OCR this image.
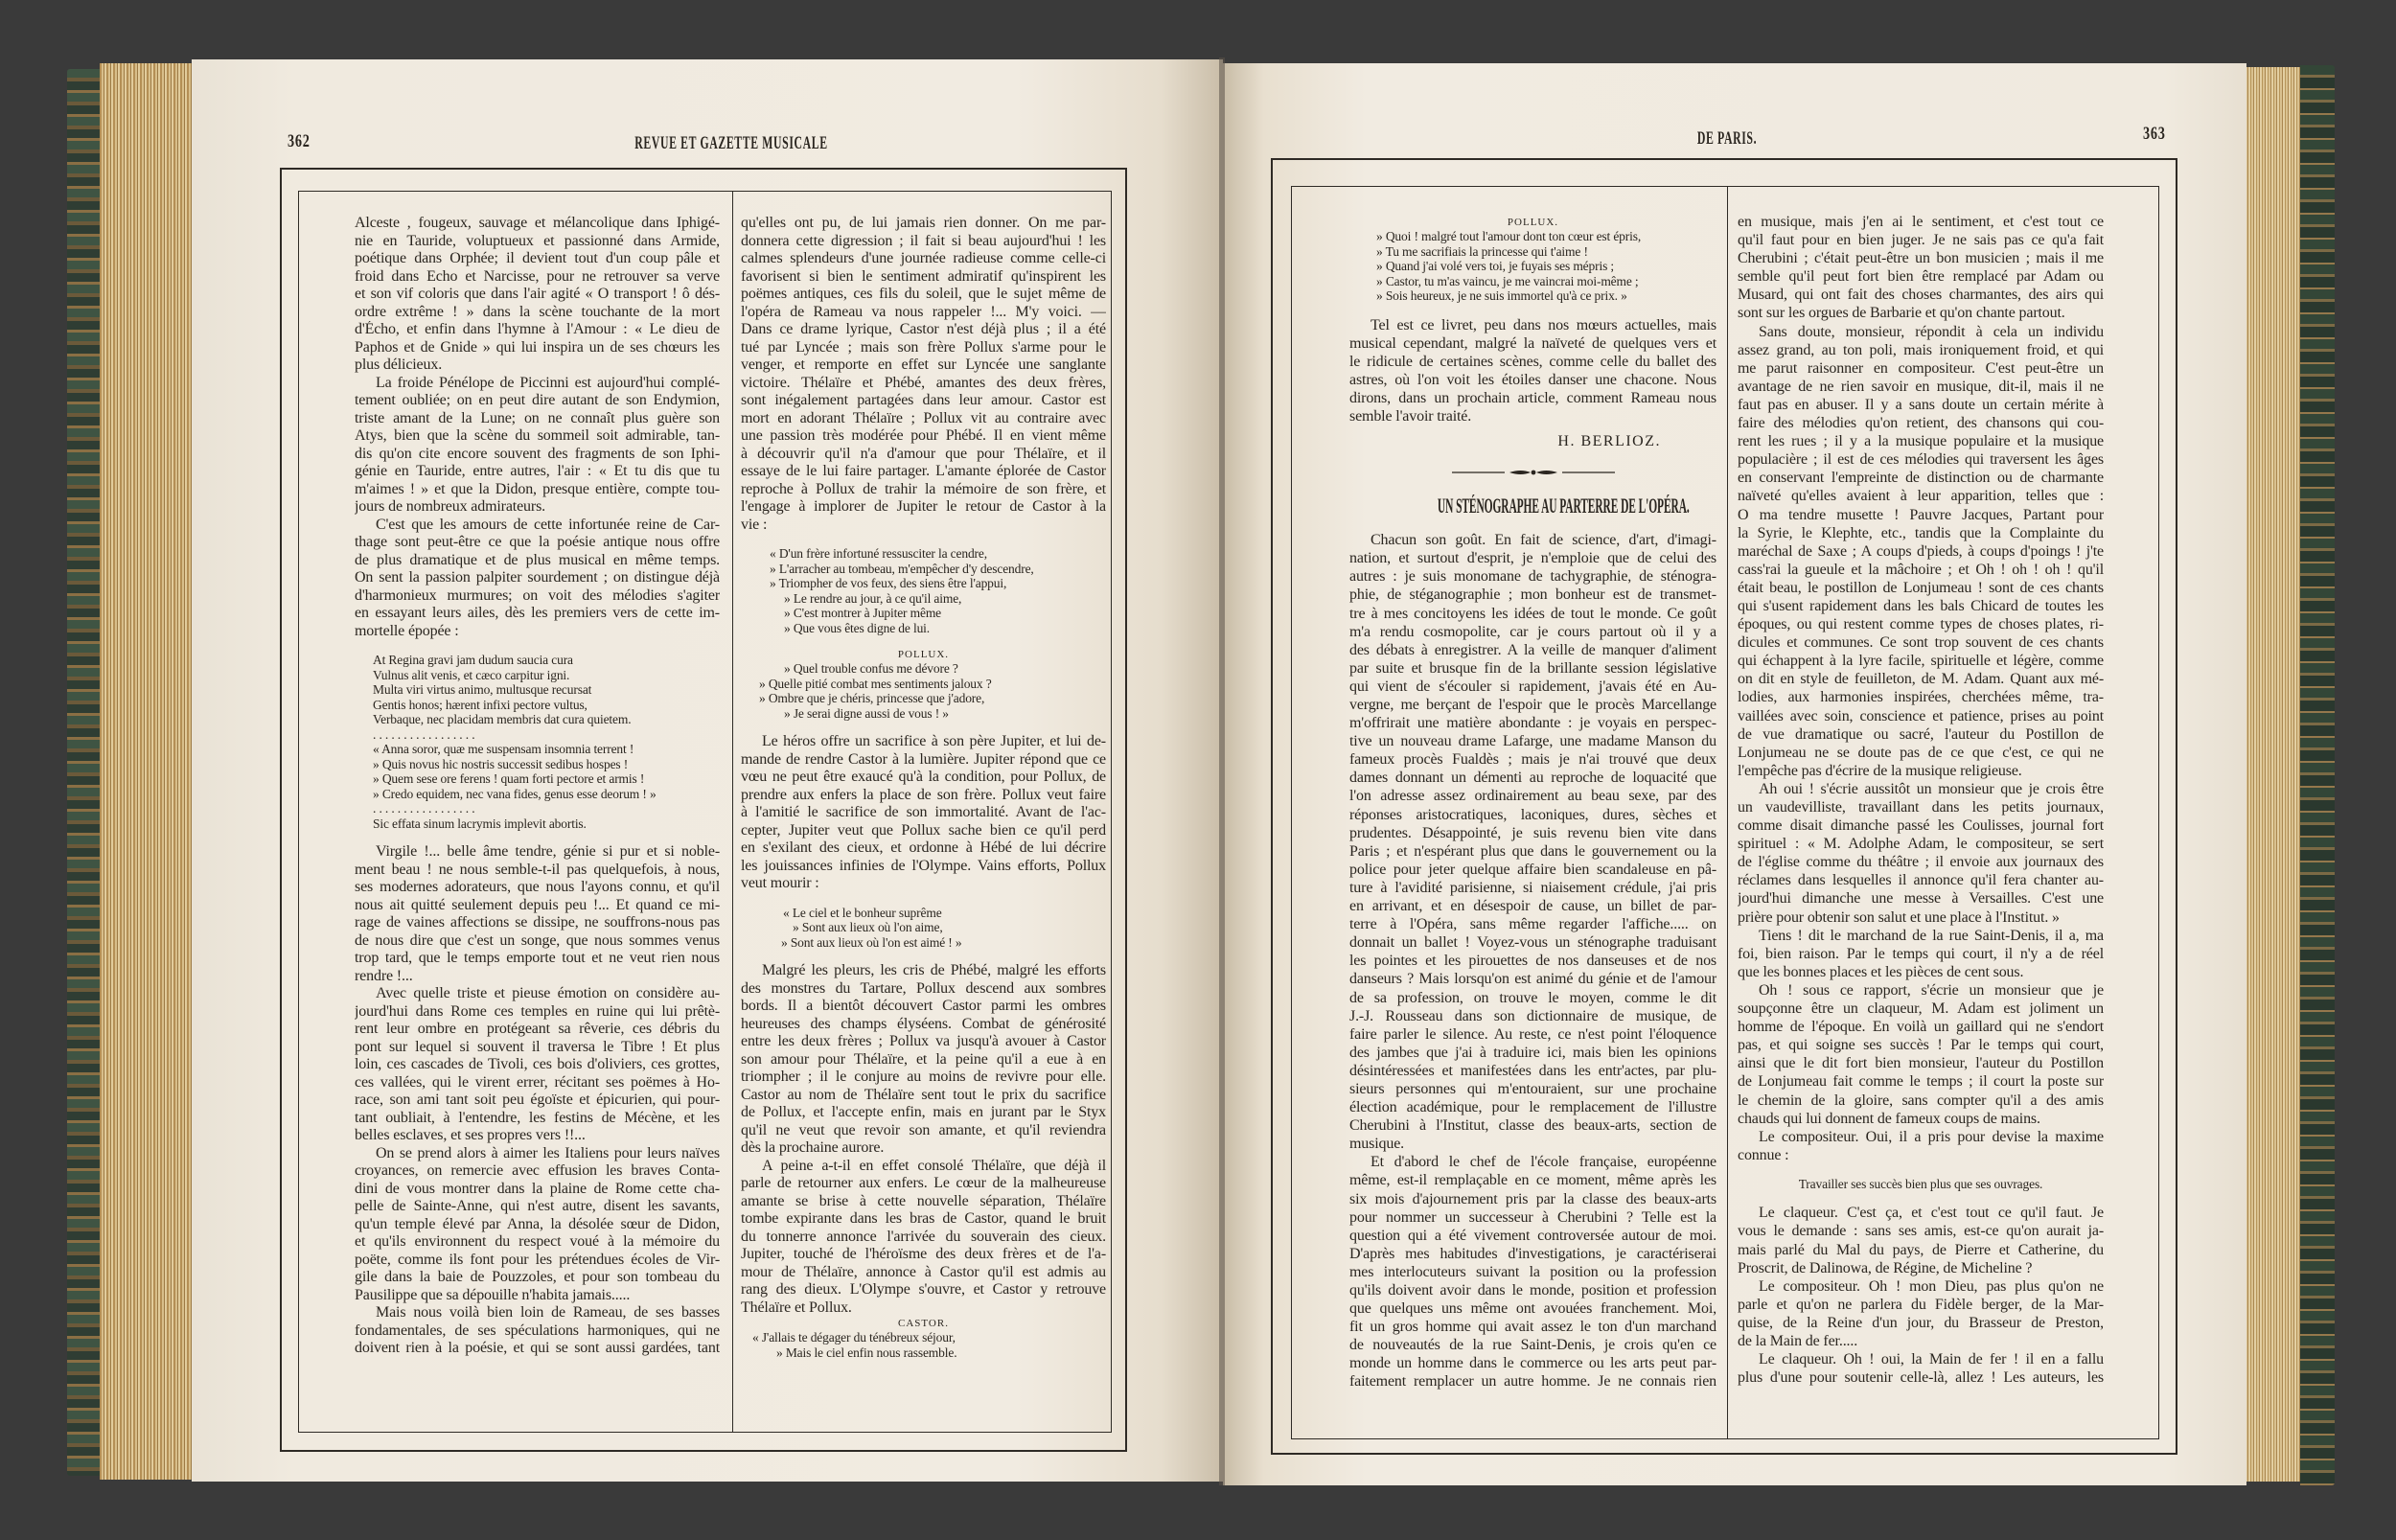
362	REVUE ET GAZETTE MUSICALE	DE PARIS.	363
Alceste , fougeux, sauvage et mélancolique dans Iphigé-
nie en Tauride, voluptueux et passionné dans Armide,
poétique dans Orphée; il devient tout d'un coup pâle et
froid dans Echo et Narcisse, pour ne retrouver sa verve
et son vif coloris que dans l'air agité « O transport ! ô dés-
ordre extrême ! » dans la scène touchante de la mort
d'Écho, et enfin dans l'hymne à l'Amour : « Le dieu de
Paphos et de Gnide » qui lui inspira un de ses chœurs les
plus délicieux.
La froide Pénélope de Piccinni est aujourd'hui complé-
tement oubliée; on en peut dire autant de son Endymion,
triste amant de la Lune; on ne connaît plus guère son
Atys, bien que la scène du sommeil soit admirable, tan-
dis qu'on cite encore souvent des fragments de son Iphi-
génie en Tauride, entre autres, l'air : « Et tu dis que tu
m'aimes ! » et que la Didon, presque entière, compte tou-
jours de nombreux admirateurs.
C'est que les amours de cette infortunée reine de Car-
thage sont peut-être ce que la poésie antique nous offre
de plus dramatique et de plus musical en même temps.
On sent la passion palpiter sourdement ; on distingue déjà
d'harmonieux murmures; on voit des mélodies s'agiter
en essayant leurs ailes, dès les premiers vers de cette im-
mortelle épopée :
At Regina gravi jam dudum saucia cura
Vulnus alit venis, et cæco carpitur igni.
Multa viri virtus animo, multusque recursat
Gentis honos; hærent infixi pectore vultus,
Verbaque, nec placidam membris dat cura quietem.
. . . . . . . . . . . . . . . . .
« Anna soror, quæ me suspensam insomnia terrent !
» Quis novus hic nostris successit sedibus hospes !
» Quem sese ore ferens ! quam forti pectore et armis !
» Credo equidem, nec vana fides, genus esse deorum ! »
. . . . . . . . . . . . . . . . .
Sic effata sinum lacrymis implevit abortis.
Virgile !... belle âme tendre, génie si pur et si noble-
ment beau ! ne nous semble-t-il pas quelquefois, à nous,
ses modernes adorateurs, que nous l'ayons connu, et qu'il
nous ait quitté seulement depuis peu !... Et quand ce mi-
rage de vaines affections se dissipe, ne souffrons-nous pas
de nous dire que c'est un songe, que nous sommes venus
trop tard, que le temps emporte tout et ne veut rien nous
rendre !...
Avec quelle triste et pieuse émotion on considère au-
jourd'hui dans Rome ces temples en ruine qui lui prêtè-
rent leur ombre en protégeant sa rêverie, ces débris du
pont sur lequel si souvent il traversa le Tibre ! Et plus
loin, ces cascades de Tivoli, ces bois d'oliviers, ces grottes,
ces vallées, qui le virent errer, récitant ses poëmes à Ho-
race, son ami tant soit peu égoïste et épicurien, qui pour-
tant oubliait, à l'entendre, les festins de Mécène, et les
belles esclaves, et ses propres vers !!...
On se prend alors à aimer les Italiens pour leurs naïves
croyances, on remercie avec effusion les braves Conta-
dini de vous montrer dans la plaine de Rome cette cha-
pelle de Sainte-Anne, qui n'est autre, disent les savants,
qu'un temple élevé par Anna, la désolée sœur de Didon,
et qu'ils environnent du respect voué à la mémoire du
poëte, comme ils font pour les prétendues écoles de Vir-
gile dans la baie de Pouzzoles, et pour son tombeau du
Pausilippe que sa dépouille n'habita jamais.....
Mais nous voilà bien loin de Rameau, de ses basses
fondamentales, de ses spéculations harmoniques, qui ne
doivent rien à la poésie, et qui se sont aussi gardées, tant
qu'elles ont pu, de lui jamais rien donner. On me par-
donnera cette digression ; il fait si beau aujourd'hui ! les
calmes splendeurs d'une journée radieuse comme celle-ci
favorisent si bien le sentiment admiratif qu'inspirent les
poëmes antiques, ces fils du soleil, que le sujet même de
l'opéra de Rameau va nous rappeler !... M'y voici. —
Dans ce drame lyrique, Castor n'est déjà plus ; il a été
tué par Lyncée ; mais son frère Pollux s'arme pour le
venger, et remporte en effet sur Lyncée une sanglante
victoire. Thélaïre et Phébé, amantes des deux frères,
sont inégalement partagées dans leur amour. Castor est
mort en adorant Thélaïre ; Pollux vit au contraire avec
une passion très modérée pour Phébé. Il en vient même
à découvrir qu'il n'a d'amour que pour Thélaïre, et il
essaye de le lui faire partager. L'amante éplorée de Castor
reproche à Pollux de trahir la mémoire de son frère, et
l'engage à implorer de Jupiter le retour de Castor à la
vie :
« D'un frère infortuné ressusciter la cendre,
» L'arracher au tombeau, m'empêcher d'y descendre,
» Triompher de vos feux, des siens être l'appui,
» Le rendre au jour, à ce qu'il aime,
» C'est montrer à Jupiter même
» Que vous êtes digne de lui.
POLLUX.
» Quel trouble confus me dévore ?
» Quelle pitié combat mes sentiments jaloux ?
» Ombre que je chéris, princesse que j'adore,
» Je serai digne aussi de vous ! »
Le héros offre un sacrifice à son père Jupiter, et lui de-
mande de rendre Castor à la lumière. Jupiter répond que ce
vœu ne peut être exaucé qu'à la condition, pour Pollux, de
prendre aux enfers la place de son frère. Pollux veut faire
à l'amitié le sacrifice de son immortalité. Avant de l'ac-
cepter, Jupiter veut que Pollux sache bien ce qu'il perd
en s'exilant des cieux, et ordonne à Hébé de lui décrire
les jouissances infinies de l'Olympe. Vains efforts, Pollux
veut mourir :
« Le ciel et le bonheur suprême
» Sont aux lieux où l'on aime,
» Sont aux lieux où l'on est aimé ! »
Malgré les pleurs, les cris de Phébé, malgré les efforts
des monstres du Tartare, Pollux descend aux sombres
bords. Il a bientôt découvert Castor parmi les ombres
heureuses des champs élyséens. Combat de générosité
entre les deux frères ; Pollux va jusqu'à avouer à Castor
son amour pour Thélaïre, et la peine qu'il a eue à en
triompher ; il le conjure au moins de revivre pour elle.
Castor au nom de Thélaïre sent tout le prix du sacrifice
de Pollux, et l'accepte enfin, mais en jurant par le Styx
qu'il ne veut que revoir son amante, et qu'il reviendra
dès la prochaine aurore.
A peine a-t-il en effet consolé Thélaïre, que déjà il
parle de retourner aux enfers. Le cœur de la malheureuse
amante se brise à cette nouvelle séparation, Thélaïre
tombe expirante dans les bras de Castor, quand le bruit
du tonnerre annonce l'arrivée du souverain des cieux.
Jupiter, touché de l'héroïsme des deux frères et de l'a-
mour de Thélaïre, annonce à Castor qu'il est admis au
rang des dieux. L'Olympe s'ouvre, et Castor y retrouve
Thélaïre et Pollux.
CASTOR.
« J'allais te dégager du ténébreux séjour,
» Mais le ciel enfin nous rassemble.
POLLUX.
» Quoi ! malgré tout l'amour dont ton cœur est épris,
» Tu me sacrifiais la princesse qui t'aime !
» Quand j'ai volé vers toi, je fuyais ses mépris ;
» Castor, tu m'as vaincu, je me vaincrai moi-même ;
» Sois heureux, je ne suis immortel qu'à ce prix. »
Tel est ce livret, peu dans nos mœurs actuelles, mais
musical cependant, malgré la naïveté de quelques vers et
le ridicule de certaines scènes, comme celle du ballet des
astres, où l'on voit les étoiles danser une chacone. Nous
dirons, dans un prochain article, comment Rameau nous
semble l'avoir traité.
H. BERLIOZ.
UN STÉNOGRAPHE AU PARTERRE DE L'OPÉRA.
Chacun son goût. En fait de science, d'art, d'imagi-
nation, et surtout d'esprit, je n'emploie que de celui des
autres : je suis monomane de tachygraphie, de sténogra-
phie, de stéganographie ; mon bonheur est de transmet-
tre à mes concitoyens les idées de tout le monde. Ce goût
m'a rendu cosmopolite, car je cours partout où il y a
des débats à enregistrer. A la veille de manquer d'aliment
par suite et brusque fin de la brillante session législative
qui vient de s'écouler si rapidement, j'avais été en Au-
vergne, me berçant de l'espoir que le procès Marcellange
m'offrirait une matière abondante : je voyais en perspec-
tive un nouveau drame Lafarge, une madame Manson du
fameux procès Fualdès ; mais je n'ai trouvé que deux
dames donnant un démenti au reproche de loquacité que
l'on adresse assez ordinairement au beau sexe, par des
réponses aristocratiques, laconiques, dures, sèches et
prudentes. Désappointé, je suis revenu bien vite dans
Paris ; et n'espérant plus que dans le gouvernement ou la
police pour jeter quelque affaire bien scandaleuse en pâ-
ture à l'avidité parisienne, si niaisement crédule, j'ai pris
en arrivant, et en désespoir de cause, un billet de par-
terre à l'Opéra, sans même regarder l'affiche..... on
donnait un ballet ! Voyez-vous un sténographe traduisant
les pointes et les pirouettes de nos danseuses et de nos
danseurs ? Mais lorsqu'on est animé du génie et de l'amour
de sa profession, on trouve le moyen, comme le dit
J.-J. Rousseau dans son dictionnaire de musique, de
faire parler le silence. Au reste, ce n'est point l'éloquence
des jambes que j'ai à traduire ici, mais bien les opinions
désintéressées et manifestées dans les entr'actes, par plu-
sieurs personnes qui m'entouraient, sur une prochaine
élection académique, pour le remplacement de l'illustre
Cherubini à l'Institut, classe des beaux-arts, section de
musique.
Et d'abord le chef de l'école française, européenne
même, est-il remplaçable en ce moment, même après les
six mois d'ajournement pris par la classe des beaux-arts
pour nommer un successeur à Cherubini ? Telle est la
question qui a été vivement controversée autour de moi.
D'après mes habitudes d'investigations, je caractériserai
mes interlocuteurs suivant la position ou la profession
qu'ils doivent avoir dans le monde, position et profession
que quelques uns même ont avouées franchement. Moi,
fit un gros homme qui avait assez le ton d'un marchand
de nouveautés de la rue Saint-Denis, je crois qu'en ce
monde un homme dans le commerce ou les arts peut par-
faitement remplacer un autre homme. Je ne connais rien
en musique, mais j'en ai le sentiment, et c'est tout ce
qu'il faut pour en bien juger. Je ne sais pas ce qu'a fait
Cherubini ; c'était peut-être un bon musicien ; mais il me
semble qu'il peut fort bien être remplacé par Adam ou
Musard, qui ont fait des choses charmantes, des airs qui
sont sur les orgues de Barbarie et qu'on chante partout.
Sans doute, monsieur, répondit à cela un individu
assez grand, au ton poli, mais ironiquement froid, et qui
me parut raisonner en compositeur. C'est peut-être un
avantage de ne rien savoir en musique, dit-il, mais il ne
faut pas en abuser. Il y a sans doute un certain mérite à
faire des mélodies qu'on retient, des chansons qui cou-
rent les rues ; il y a la musique populaire et la musique
populacière ; il est de ces mélodies qui traversent les âges
en conservant l'empreinte de distinction ou de charmante
naïveté qu'elles avaient à leur apparition, telles que :
O ma tendre musette ! Pauvre Jacques, Partant pour
la Syrie, le Klephte, etc., tandis que la Complainte du
maréchal de Saxe ; A coups d'pieds, à coups d'poings ! j'te
cass'rai la gueule et la mâchoire ; et Oh ! oh ! oh ! qu'il
était beau, le postillon de Lonjumeau ! sont de ces chants
qui s'usent rapidement dans les bals Chicard de toutes les
époques, ou qui restent comme types de choses plates, ri-
dicules et communes. Ce sont trop souvent de ces chants
qui échappent à la lyre facile, spirituelle et légère, comme
on dit en style de feuilleton, de M. Adam. Quant aux mé-
lodies, aux harmonies inspirées, cherchées même, tra-
vaillées avec soin, conscience et patience, prises au point
de vue dramatique ou sacré, l'auteur du Postillon de
Lonjumeau ne se doute pas de ce que c'est, ce qui ne
l'empêche pas d'écrire de la musique religieuse.
Ah oui ! s'écrie aussitôt un monsieur que je crois être
un vaudevilliste, travaillant dans les petits journaux,
comme disait dimanche passé les Coulisses, journal fort
spirituel : « M. Adolphe Adam, le compositeur, se sert
de l'église comme du théâtre ; il envoie aux journaux des
réclames dans lesquelles il annonce qu'il fera chanter au-
jourd'hui dimanche une messe à Versailles. C'est une
prière pour obtenir son salut et une place à l'Institut. »
Tiens ! dit le marchand de la rue Saint-Denis, il a, ma
foi, bien raison. Par le temps qui court, il n'y a de réel
que les bonnes places et les pièces de cent sous.
Oh ! sous ce rapport, s'écrie un monsieur que je
soupçonne être un claqueur, M. Adam est joliment un
homme de l'époque. En voilà un gaillard qui ne s'endort
pas, et qui soigne ses succès ! Par le temps qui court,
ainsi que le dit fort bien monsieur, l'auteur du Postillon
de Lonjumeau fait comme le temps ; il court la poste sur
le chemin de la gloire, sans compter qu'il a des amis
chauds qui lui donnent de fameux coups de mains.
Le compositeur. Oui, il a pris pour devise la maxime
connue :
Travailler ses succès bien plus que ses ouvrages.
Le claqueur. C'est ça, et c'est tout ce qu'il faut. Je
vous le demande : sans ses amis, est-ce qu'on aurait ja-
mais parlé du Mal du pays, de Pierre et Catherine, du
Proscrit, de Dalinowa, de Régine, de Micheline ?
Le compositeur. Oh ! mon Dieu, pas plus qu'on ne
parle et qu'on ne parlera du Fidèle berger, de la Mar-
quise, de la Reine d'un jour, du Brasseur de Preston,
de la Main de fer.....
Le claqueur. Oh ! oui, la Main de fer ! il en a fallu
plus d'une pour soutenir celle-là, allez ! Les auteurs, les
